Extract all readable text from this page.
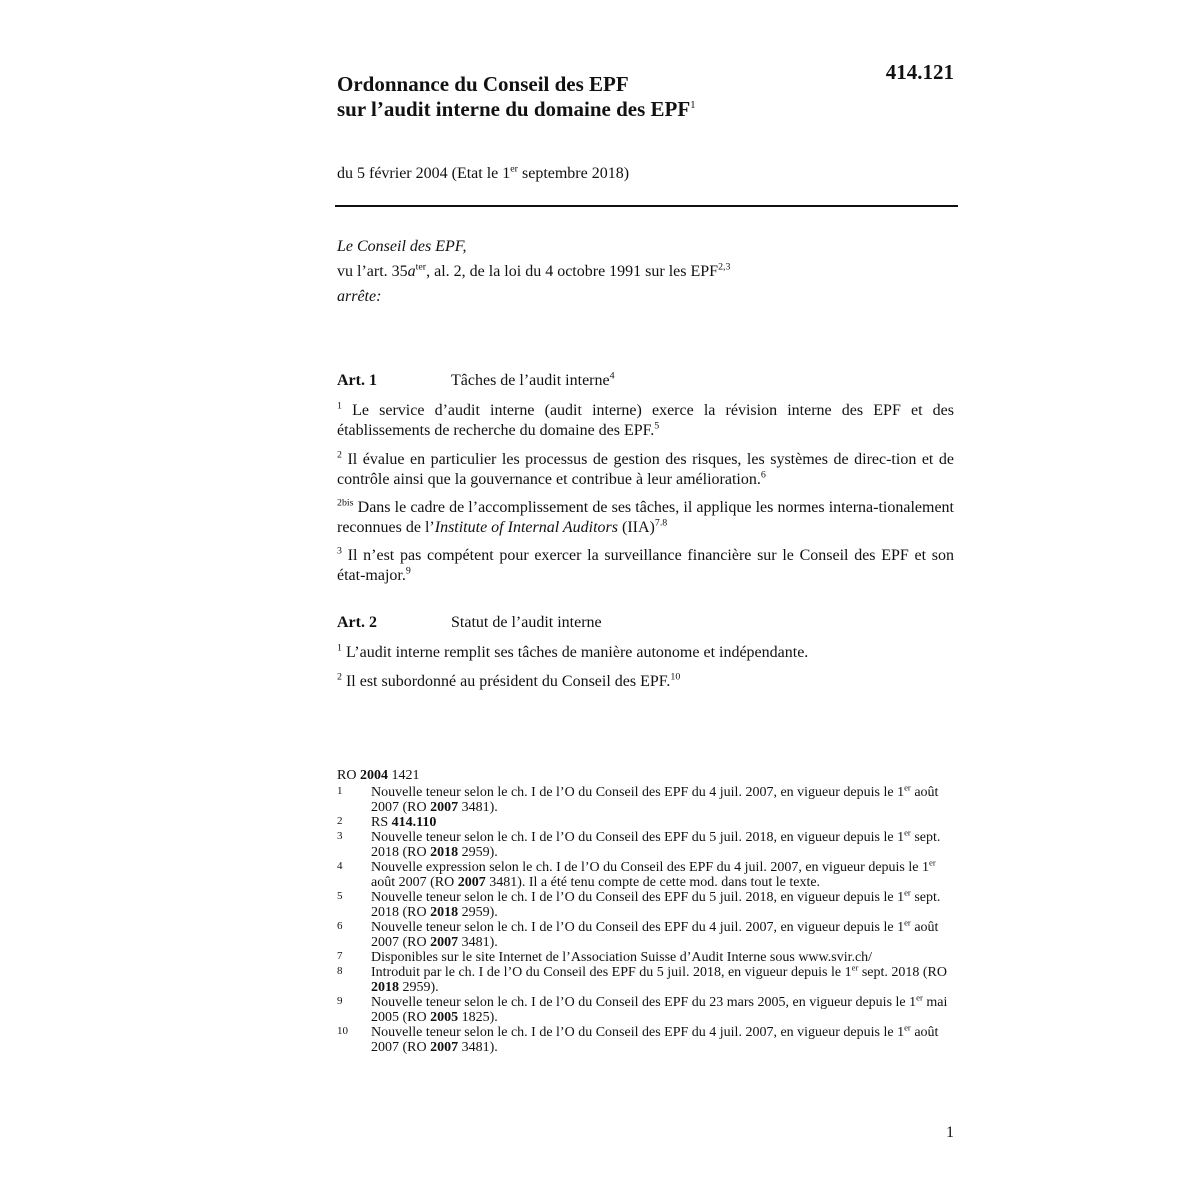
Ordonnance du Conseil des EPF
sur l’audit interne du domaine des EPF$^1$
414.121
du 5 février 2004 (Etat le 1er septembre 2018)
Le Conseil des EPF,
vu l’art. $35a^{ter}$, al. 2, de la loi du 4 octobre 1991 sur les EPF$^{2,3}$
arrête:
Art. 1	Tâches de l’audit interne$^4$
$^1$ Le service d’audit interne (audit interne) exerce la révision interne des EPF et des établissements de recherche du domaine des EPF.$^5$
$^2$ Il évalue en particulier les processus de gestion des risques, les systèmes de direc-tion et de contrôle ainsi que la gouvernance et contribue à leur amélioration.$^6$
$^{2bis}$ Dans le cadre de l’accomplissement de ses tâches, il applique les normes interna-tionalement reconnues de l’Institute of Internal Auditors (IIA)$^{7.8}$
$^3$ Il n’est pas compétent pour exercer la surveillance financière sur le Conseil des EPF et son état-major.$^9$
Art. 2	Statut de l’audit interne
$^1$ L’audit interne remplit ses tâches de manière autonome et indépendante.
$^2$ Il est subordonné au président du Conseil des EPF.$^{10}$
RO 2004 1421
1	Nouvelle teneur selon le ch. I de l’O du Conseil des EPF du 4 juil. 2007, en vigueur depuis le 1er août 2007 (RO 2007 3481).
2	RS 414.110
3	Nouvelle teneur selon le ch. I de l’O du Conseil des EPF du 5 juil. 2018, en vigueur depuis le 1er sept. 2018 (RO 2018 2959).
4	Nouvelle expression selon le ch. I de l’O du Conseil des EPF du 4 juil. 2007, en vigueur depuis le 1er août 2007 (RO 2007 3481). Il a été tenu compte de cette mod. dans tout le texte.
5	Nouvelle teneur selon le ch. I de l’O du Conseil des EPF du 5 juil. 2018, en vigueur depuis le 1er sept. 2018 (RO 2018 2959).
6	Nouvelle teneur selon le ch. I de l’O du Conseil des EPF du 4 juil. 2007, en vigueur depuis le 1er août 2007 (RO 2007 3481).
7	Disponibles sur le site Internet de l’Association Suisse d’Audit Interne sous www.svir.ch/
8	Introduit par le ch. I de l’O du Conseil des EPF du 5 juil. 2018, en vigueur depuis le 1er sept. 2018 (RO 2018 2959).
9	Nouvelle teneur selon le ch. I de l’O du Conseil des EPF du 23 mars 2005, en vigueur depuis le 1er mai 2005 (RO 2005 1825).
10	Nouvelle teneur selon le ch. I de l’O du Conseil des EPF du 4 juil. 2007, en vigueur depuis le 1er août 2007 (RO 2007 3481).
1
